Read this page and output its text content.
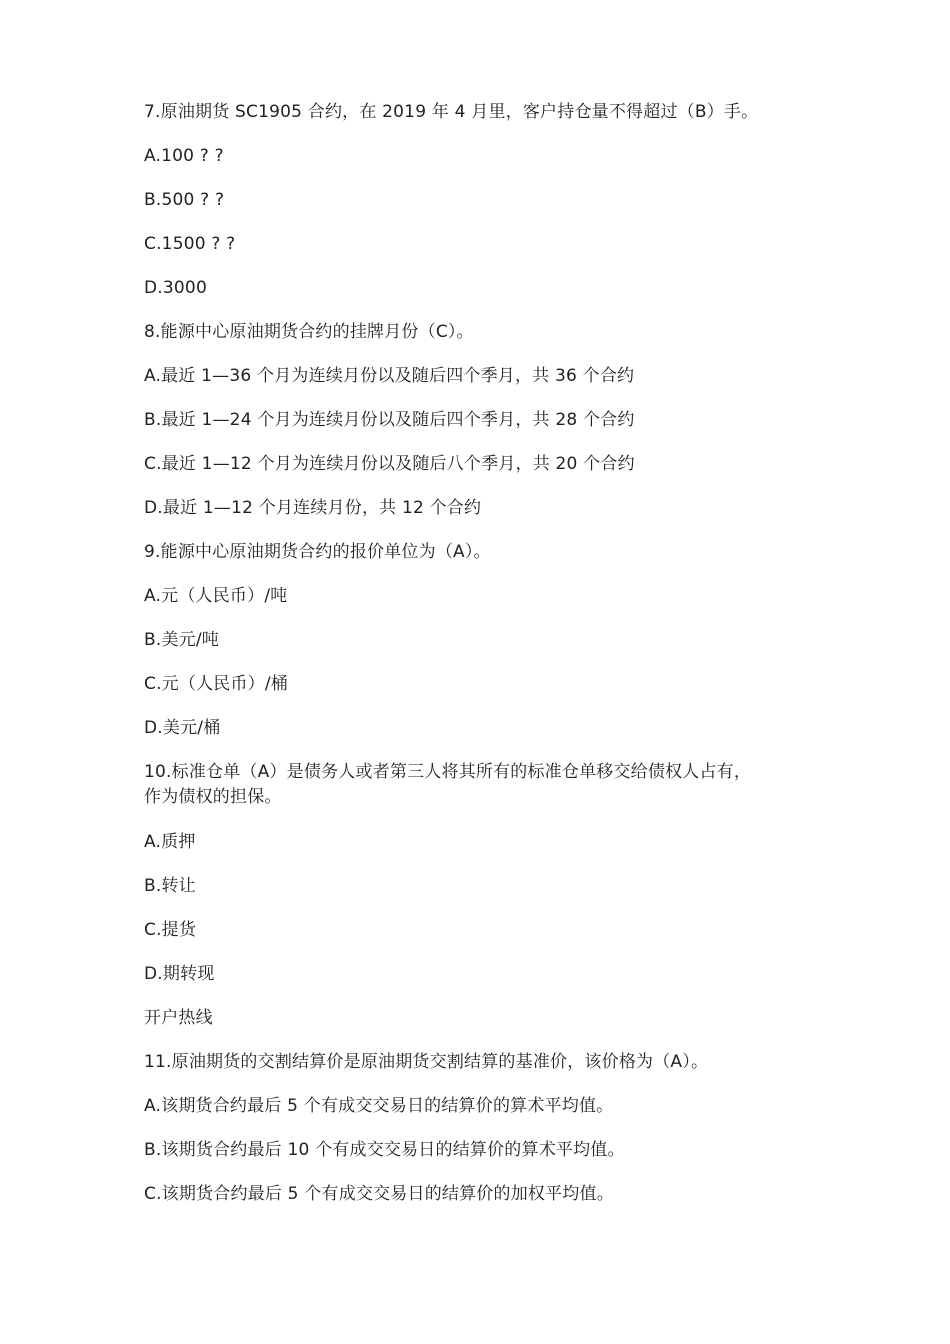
7.原油期货 SC1905 合约，在 2019 年 4 月里，客户持仓量不得超过（B）手。
A.100 ? ?
B.500 ? ?
C.1500 ? ?
D.3000
8.能源中心原油期货合约的挂牌月份（C）。
A.最近 1—36 个月为连续月份以及随后四个季月，共 36 个合约
B.最近 1—24 个月为连续月份以及随后四个季月，共 28 个合约
C.最近 1—12 个月为连续月份以及随后八个季月，共 20 个合约
D.最近 1—12 个月连续月份，共 12 个合约
9.能源中心原油期货合约的报价单位为（A）。
A.元（人民币）/吨
B.美元/吨
C.元（人民币）/桶
D.美元/桶
10.标准仓单（A）是债务人或者第三人将其所有的标准仓单移交给债权人占有，
作为债权的担保。
A.质押
B.转让
C.提货
D.期转现
开户热线
11.原油期货的交割结算价是原油期货交割结算的基准价，该价格为（A）。
A.该期货合约最后 5 个有成交交易日的结算价的算术平均值。
B.该期货合约最后 10 个有成交交易日的结算价的算术平均值。
C.该期货合约最后 5 个有成交交易日的结算价的加权平均值。
